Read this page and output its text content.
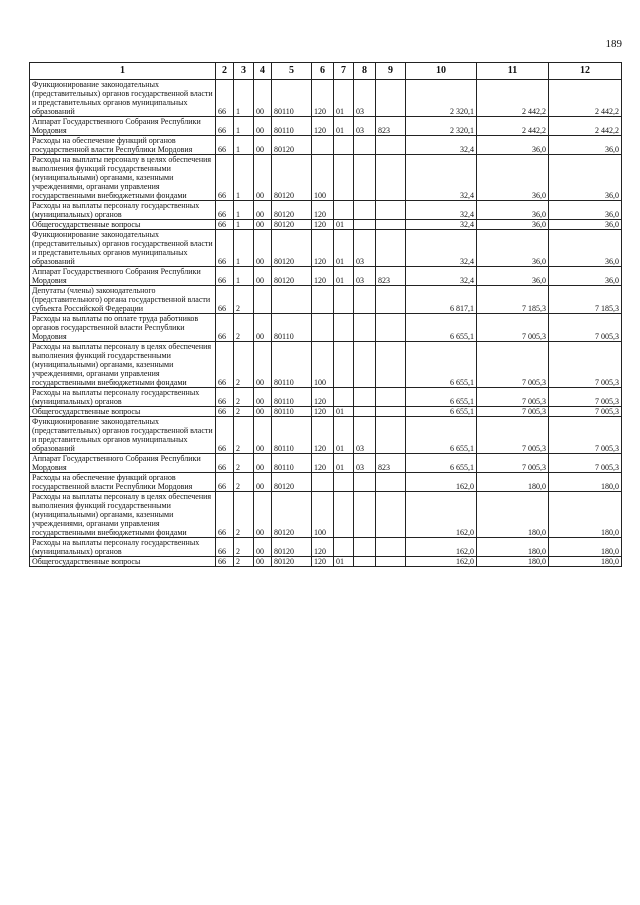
189
1	2	3	4	5	6	7	8	9	10	11	12
Функционирование законодательных (представительных) органов государственной власти и представительных органов муниципальных образований	66	1	00	80110	120	01	03		2 320,1	2 442,2	2 442,2
Аппарат Государственного Собрания Республики Мордовия	66	1	00	80110	120	01	03	823	2 320,1	2 442,2	2 442,2
Расходы на обеспечение функций органов государственной власти Республики Мордовия	66	1	00	80120					32,4	36,0	36,0
Расходы на выплаты персоналу в целях обеспечения выполнения функций государственными (муниципальными) органами, казенными учреждениями, органами управления государственными внебюджетными фондами	66	1	00	80120	100				32,4	36,0	36,0
Расходы на выплаты персоналу государственных (муниципальных) органов	66	1	00	80120	120				32,4	36,0	36,0
Общегосударственные вопросы	66	1	00	80120	120	01			32,4	36,0	36,0
Функционирование законодательных (представительных) органов государственной власти и представительных органов муниципальных образований	66	1	00	80120	120	01	03		32,4	36,0	36,0
Аппарат Государственного Собрания Республики Мордовия	66	1	00	80120	120	01	03	823	32,4	36,0	36,0
Депутаты (члены) законодательного (представительного) органа государственной власти субъекта Российской Федерации	66	2							6 817,1	7 185,3	7 185,3
Расходы на выплаты по оплате труда работников органов государственной власти Республики Мордовия	66	2	00	80110					6 655,1	7 005,3	7 005,3
Расходы на выплаты персоналу в целях обеспечения выполнения функций государственными (муниципальными) органами, казенными учреждениями, органами управления государственными внебюджетными фондами	66	2	00	80110	100				6 655,1	7 005,3	7 005,3
Расходы на выплаты персоналу государственных (муниципальных) органов	66	2	00	80110	120				6 655,1	7 005,3	7 005,3
Общегосударственные вопросы	66	2	00	80110	120	01			6 655,1	7 005,3	7 005,3
Функционирование законодательных (представительных) органов государственной власти и представительных органов муниципальных образований	66	2	00	80110	120	01	03		6 655,1	7 005,3	7 005,3
Аппарат Государственного Собрания Республики Мордовия	66	2	00	80110	120	01	03	823	6 655,1	7 005,3	7 005,3
Расходы на обеспечение функций органов государственной власти Республики Мордовия	66	2	00	80120					162,0	180,0	180,0
Расходы на выплаты персоналу в целях обеспечения выполнения функций государственными (муниципальными) органами, казенными учреждениями, органами управления государственными внебюджетными фондами	66	2	00	80120	100				162,0	180,0	180,0
Расходы на выплаты персоналу государственных (муниципальных) органов	66	2	00	80120	120				162,0	180,0	180,0
Общегосударственные вопросы	66	2	00	80120	120	01			162,0	180,0	180,0
